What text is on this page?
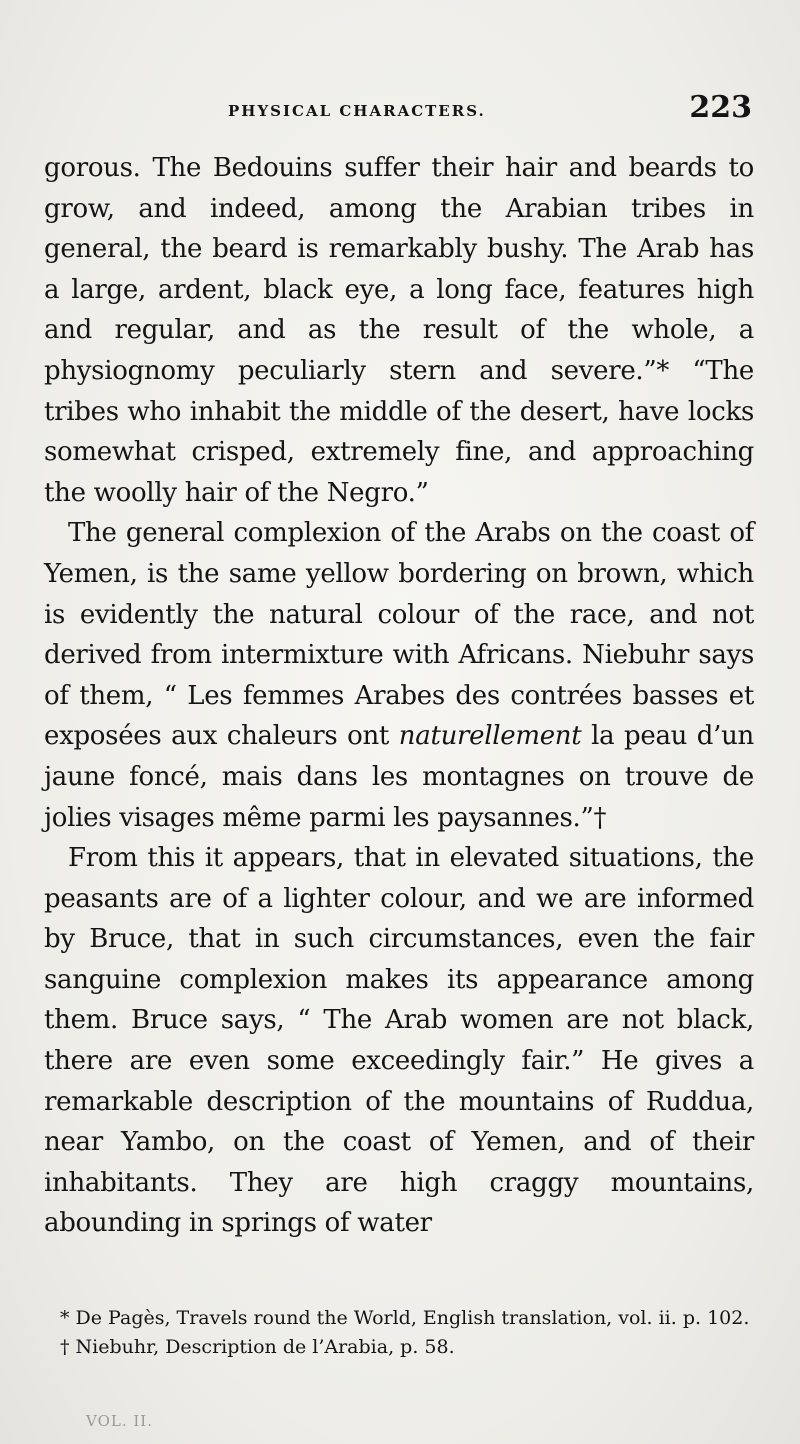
PHYSICAL CHARACTERS.	223

gorous. The Bedouins suffer their hair and beards to grow, and indeed, among the Arabian tribes in general, the beard is remarkably bushy. The Arab has a large, ardent, black eye, a long face, features high and regular, and as the result of the whole, a physiognomy peculiarly stern and severe.”* “The tribes who inhabit the middle of the desert, have locks somewhat crisped, extremely fine, and approaching the woolly hair of the Negro.”

The general complexion of the Arabs on the coast of Yemen, is the same yellow bordering on brown, which is evidently the natural colour of the race, and not derived from intermixture with Africans. Niebuhr says of them, “ Les femmes Arabes des contrées basses et exposées aux chaleurs ont naturellement la peau d’un jaune foncé, mais dans les montagnes on trouve de jolies visages même parmi les paysannes.”†

From this it appears, that in elevated situations, the peasants are of a lighter colour, and we are informed by Bruce, that in such circumstances, even the fair sanguine complexion makes its appearance among them. Bruce says, “ The Arab women are not black, there are even some exceedingly fair.” He gives a remarkable description of the mountains of Ruddua, near Yambo, on the coast of Yemen, and of their inhabitants. They are high craggy mountains, abounding in springs of water

* De Pagès, Travels round the World, English translation, vol. ii. p. 102.

† Niebuhr, Description de l’Arabia, p. 58.

VOL. II.
